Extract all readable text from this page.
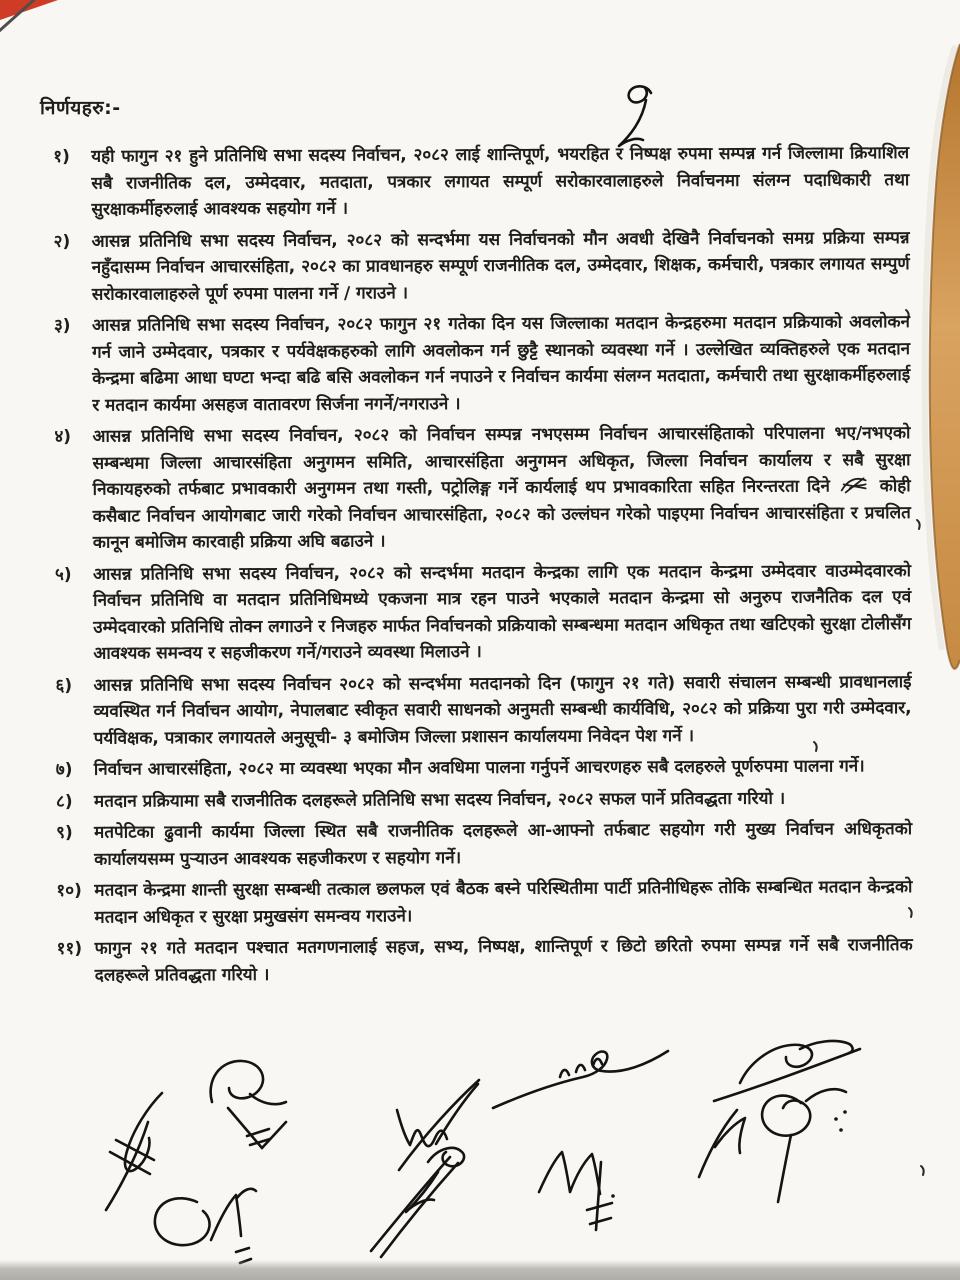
निर्णयहरु:-
१)	यही फागुन २१ हुने प्रतिनिधि सभा सदस्य निर्वाचन, २०८२ लाई शान्तिपूर्ण, भयरहित र निष्पक्ष रुपमा सम्पन्न गर्न जिल्लामा क्रियाशिल सबै राजनीतिक दल, उम्मेदवार, मतदाता, पत्रकार लगायत सम्पूर्ण सरोकारवालाहरुले निर्वाचनमा संलग्न पदाधिकारी तथा सुरक्षाकर्मीहरुलाई आवश्यक सहयोग गर्ने ।
२)	आसन्न प्रतिनिधि सभा सदस्य निर्वाचन, २०८२ को सन्दर्भमा यस निर्वाचनको मौन अवधी देखिनै निर्वाचनको समग्र प्रक्रिया सम्पन्न नहुँदासम्म निर्वाचन आचारसंहिता, २०८२ का प्रावधानहरु सम्पूर्ण राजनीतिक दल, उम्मेदवार, शिक्षक, कर्मचारी, पत्रकार लगायत सम्पुर्ण सरोकारवालाहरुले पूर्ण रुपमा पालना गर्ने / गराउने ।
३)	आसन्न प्रतिनिधि सभा सदस्य निर्वाचन, २०८२ फागुन २१ गतेका दिन यस जिल्लाका मतदान केन्द्रहरुमा मतदान प्रक्रियाको अवलोकन गर्न जाने उम्मेदवार, पत्रकार र पर्यवेक्षकहरुको लागि अवलोकन गर्न छुट्टै स्थानको व्यवस्था गर्ने । उल्लेखित व्यक्तिहरुले एक मतदान केन्द्रमा बढिमा आधा घण्टा भन्दा बढि बसि अवलोकन गर्न नपाउने र निर्वाचन कार्यमा संलग्न मतदाता, कर्मचारी तथा सुरक्षाकर्मीहरुलाई र मतदान कार्यमा असहज वातावरण सिर्जना नगर्ने/नगराउने ।
४)	आसन्न प्रतिनिधि सभा सदस्य निर्वाचन, २०८२ को निर्वाचन सम्पन्न नभएसम्म निर्वाचन आचारसंहिताको परिपालना भए/नभएको सम्बन्धमा जिल्ला आचारसंहिता अनुगमन समिति, आचारसंहिता अनुगमन अधिकृत, जिल्ला निर्वाचन कार्यालय र सबै सुरक्षा निकायहरुको तर्फबाट प्रभावकारी अनुगमन तथा गस्ती, पट्रोलिङ्ग गर्ने कार्यलाई थप प्रभावकारिता सहित निरन्तरता दिने	कोही कसैबाट निर्वाचन आयोगबाट जारी गरेको निर्वाचन आचारसंहिता, २०८२ को उल्लंघन गरेको पाइएमा निर्वाचन आचारसंहिता र प्रचलित कानून बमोजिम कारवाही प्रक्रिया अघि बढाउने ।
५)	आसन्न प्रतिनिधि सभा सदस्य निर्वाचन, २०८२ को सन्दर्भमा मतदान केन्द्रका लागि एक मतदान केन्द्रमा उम्मेदवार वाउम्मेदवारको निर्वाचन प्रतिनिधि वा मतदान प्रतिनिधिमध्ये एकजना मात्र रहन पाउने भएकाले मतदान केन्द्रमा सो अनुरुप राजनैतिक दल एवं उम्मेदवारको प्रतिनिधि तोक्न लगाउने र निजहरु मार्फत निर्वाचनको प्रक्रियाको सम्बन्धमा मतदान अधिकृत तथा खटिएको सुरक्षा टोलीसँग आवश्यक समन्वय र सहजीकरण गर्ने/गराउने व्यवस्था मिलाउने ।
६)	आसन्न प्रतिनिधि सभा सदस्य निर्वाचन २०८२ को सन्दर्भमा मतदानको दिन (फागुन २१ गते) सवारी संचालन सम्बन्धी प्रावधानलाई व्यवस्थित गर्न निर्वाचन आयोग, नेपालबाट स्वीकृत सवारी साधनको अनुमती सम्बन्धी कार्यविधि, २०८२ को प्रक्रिया पुरा गरी उम्मेदवार, पर्यविक्षक, पत्राकार लगायतले अनुसूची- ३ बमोजिम जिल्ला प्रशासन कार्यालयमा निवेदन पेश गर्ने ।
७)	निर्वाचन आचारसंहिता, २०८२ मा व्यवस्था भएका मौन अवधिमा पालना गर्नुपर्ने आचरणहरु सबै दलहरुले पूर्णरुपमा पालना गर्ने।
८)	मतदान प्रक्रियामा सबै राजनीतिक दलहरूले प्रतिनिधि सभा सदस्य निर्वाचन, २०८२ सफल पार्ने प्रतिवद्धता गरियो ।
९)	मतपेटिका ढुवानी कार्यमा जिल्ला स्थित सबै राजनीतिक दलहरूले आ-आफ्नो तर्फबाट सहयोग गरी मुख्य निर्वाचन अधिकृतको कार्यालयसम्म पुऱ्याउन आवश्यक सहजीकरण र सहयोग गर्ने।
१०) मतदान केन्द्रमा शान्ती सुरक्षा सम्बन्धी तत्काल छलफल एवं बैठक बस्ने परिस्थितीमा पार्टी प्रतिनीधिहरू तोकि सम्बन्धित मतदान केन्द्रको मतदान अधिकृत र सुरक्षा प्रमुखसंग समन्वय गराउने।
११) फागुन २१ गते मतदान पश्चात मतगणनालाई सहज, सभ्य, निष्पक्ष, शान्तिपूर्ण र छिटो छरितो रुपमा सम्पन्न गर्ने सबै राजनीतिक दलहरूले प्रतिवद्धता गरियो ।
